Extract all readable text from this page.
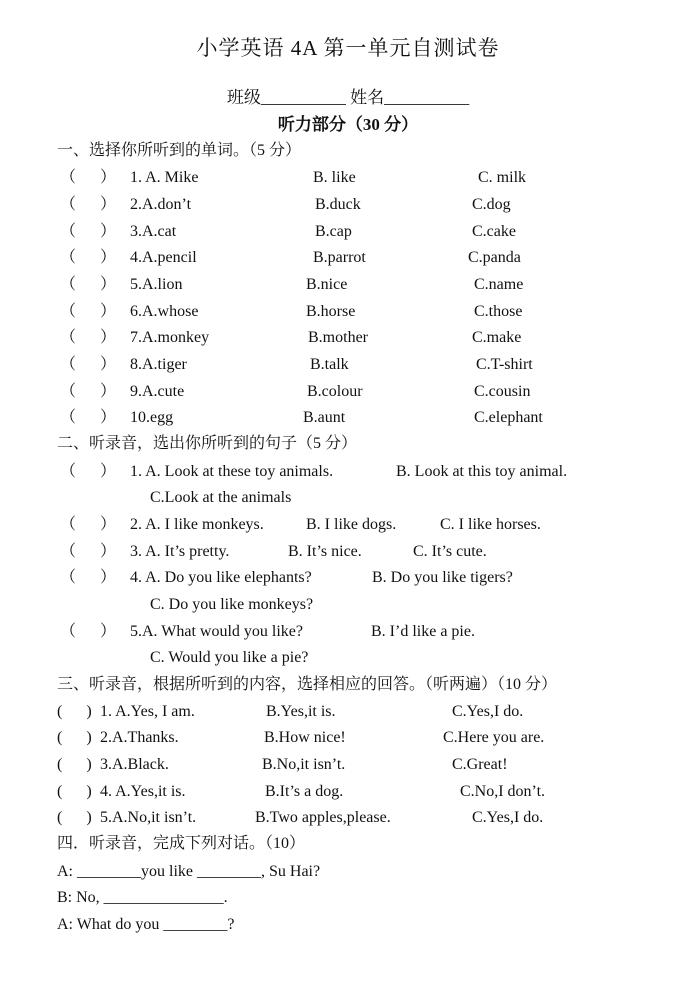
小学英语 4A 第一单元自测试卷
班级__________ 姓名__________
听力部分（30 分）
一、选择你所听到的单词。（5 分）
（      ） 1. A. Mike	B. like	C. milk
（      ） 2.A.don’t	B.duck	C.dog
（      ） 3.A.cat	B.cap	C.cake
（      ） 4.A.pencil	B.parrot	C.panda
（      ） 5.A.lion	B.nice	C.name
（      ） 6.A.whose	B.horse	C.those
（      ） 7.A.monkey	B.mother	C.make
（      ） 8.A.tiger	B.talk	C.T-shirt
（      ） 9.A.cute	B.colour	C.cousin
（      ） 10.egg	B.aunt	C.elephant
二、听录音，选出你所听到的句子（5 分）
（      ） 1. A. Look at these toy animals.	B. Look at this toy animal.
C.Look at the animals
（      ） 2. A. I like monkeys.	B. I like dogs.	C. I like horses.
（      ） 3. A. It’s pretty.	B. It’s nice.	C. It’s cute.
（      ） 4. A. Do you like elephants?	B. Do you like tigers?
C. Do you like monkeys?
（      ） 5.A. What would you like?	B. I’d like a pie.
C. Would you like a pie?
三、听录音，根据所听到的内容，选择相应的回答。（听两遍）（10 分）
(      ) 1. A.Yes, I am.	B.Yes,it is.	C.Yes,I do.
(      ) 2.A.Thanks.	B.How nice!	C.Here you are.
(      ) 3.A.Black.	B.No,it isn’t.	C.Great!
(      ) 4. A.Yes,it is.	B.It’s a dog.	C.No,I don’t.
(      ) 5.A.No,it isn’t.	B.Two apples,please.	C.Yes,I do.
四．听录音，完成下列对话。（10）
A: ________you like ________, Su Hai?
B: No, _______________.
A: What do you ________?
